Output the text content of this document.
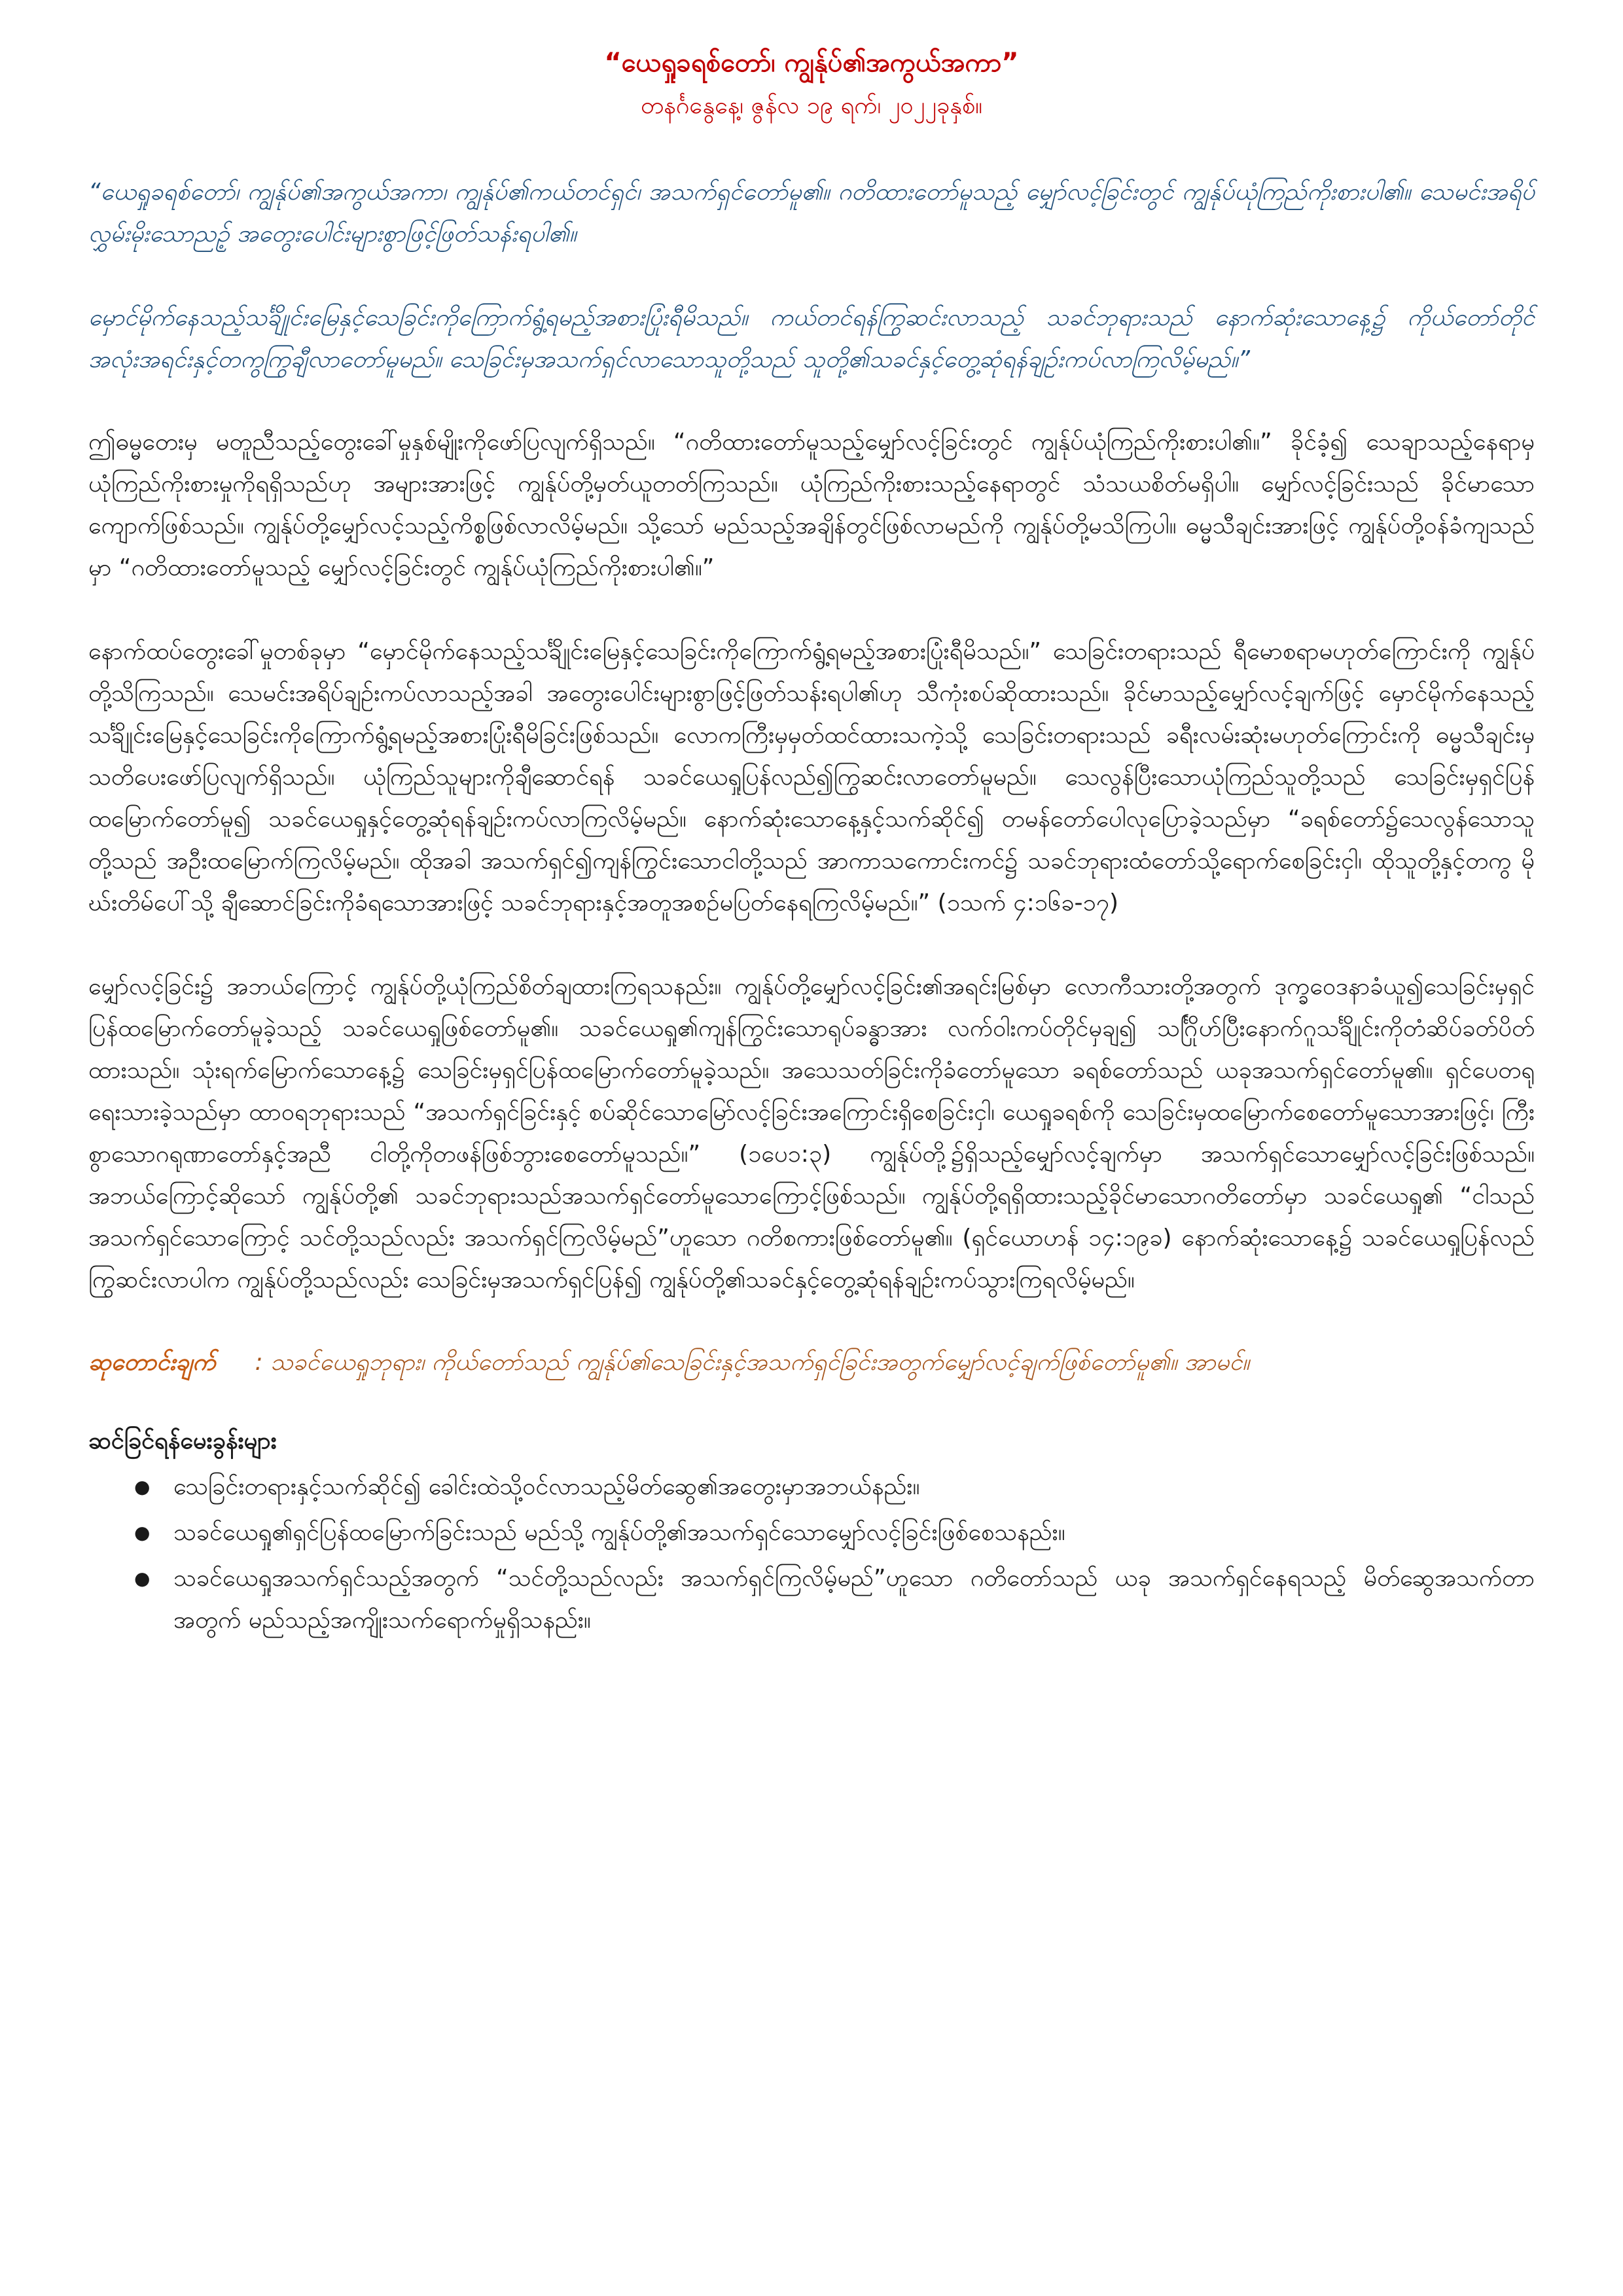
“ယေရှုခရစ်တော်၊ ကျွန်ုပ်၏အကွယ်အကာ”

တနင်္ဂနွေနေ့၊ ဇွန်လ ၁၉ ရက်၊ ၂၀၂၂ခုနှစ်။

“ယေရှုခရစ်တော်၊ ကျွန်ုပ်၏အကွယ်အကာ၊ ကျွန်ုပ်၏ကယ်တင်ရှင်၊ အသက်ရှင်တော်မူ၏။ ဂတိထားတော်မူသည့် မျှော်လင့်ခြင်းတွင် ကျွန်ုပ်ယုံကြည်ကိုးစားပါ၏။ သေမင်းအရိပ်လွှမ်းမိုးသောညဉ့် အတွေးပေါင်းများစွာဖြင့်ဖြတ်သန်းရပါ၏။

မှောင်မိုက်နေသည့်သင်္ချိုင်းမြေနှင့်သေခြင်းကိုကြောက်ရွံ့ရမည့်အစားပြုံးရီမိသည်။ ကယ်တင်ရန်ကြွဆင်းလာသည့် သခင်ဘုရားသည် နောက်ဆုံးသောနေ့၌ ကိုယ်တော်တိုင်အလုံးအရင်းနှင့်တကွကြွချီလာတော်မူမည်။ သေခြင်းမှအသက်ရှင်လာသောသူတို့သည် သူတို့၏သခင်နှင့်တွေ့ဆုံရန်ချဉ်းကပ်လာကြလိမ့်မည်။”

ဤဓမ္မတေးမှ မတူညီသည့်တွေးခေါ်မှုနှစ်မျိုးကိုဖော်ပြလျက်ရှိသည်။ “ဂတိထားတော်မူသည့်မျှော်လင့်ခြင်းတွင် ကျွန်ုပ်ယုံကြည်ကိုးစားပါ၏။” ခိုင်ခံ့၍ သေချာသည့်နေရာမှ ယုံကြည်ကိုးစားမှုကိုရရှိသည်ဟု အများအားဖြင့် ကျွန်ုပ်တို့မှတ်ယူတတ်ကြသည်။ ယုံကြည်ကိုးစားသည့်နေရာတွင် သံသယစိတ်မရှိပါ။ မျှော်လင့်ခြင်းသည် ခိုင်မာသောကျောက်ဖြစ်သည်။ ကျွန်ုပ်တို့မျှော်လင့်သည့်ကိစ္စဖြစ်လာလိမ့်မည်။ သို့သော် မည်သည့်အချိန်တွင်ဖြစ်လာမည်ကို ကျွန်ုပ်တို့မသိကြပါ။ ဓမ္မသီချင်းအားဖြင့် ကျွန်ုပ်တို့ဝန်ခံကျသည်မှာ “ဂတိထားတော်မူသည့် မျှော်လင့်ခြင်းတွင် ကျွန်ုပ်ယုံကြည်ကိုးစားပါ၏။”

နောက်ထပ်တွေးခေါ်မှုတစ်ခုမှာ “မှောင်မိုက်နေသည့်သင်္ချိုင်းမြေနှင့်သေခြင်းကိုကြောက်ရွံ့ရမည့်အစားပြုံးရီမိသည်။” သေခြင်းတရားသည် ရီမောစရာမဟုတ်ကြောင်းကို ကျွန်ုပ်တို့သိကြသည်။ သေမင်းအရိပ်ချဉ်းကပ်လာသည့်အခါ အတွေးပေါင်းများစွာဖြင့်ဖြတ်သန်းရပါ၏ဟု သီကုံးစပ်ဆိုထားသည်။ ခိုင်မာသည့်မျှော်လင့်ချက်ဖြင့် မှောင်မိုက်နေသည့် သင်္ချိုင်းမြေနှင့်သေခြင်းကိုကြောက်ရွံ့ရမည့်အစားပြုံးရီမိခြင်းဖြစ်သည်။ လောကကြီးမှမှတ်ထင်ထားသကဲ့သို့ သေခြင်းတရားသည် ခရီးလမ်းဆုံးမဟုတ်ကြောင်းကို ဓမ္မသီချင်းမှသတိပေးဖော်ပြလျက်ရှိသည်။ ယုံကြည်သူများကိုချီဆောင်ရန် သခင်ယေရှုပြန်လည်၍ကြွဆင်းလာတော်မူမည်။ သေလွန်ပြီးသောယုံကြည်သူတို့သည် သေခြင်းမှရှင်ပြန်ထမြောက်တော်မူ၍ သခင်ယေရှုနှင့်တွေ့ဆုံရန်ချဉ်းကပ်လာကြလိမ့်မည်။ နောက်ဆုံးသောနေ့နှင့်သက်ဆိုင်၍ တမန်တော်ပေါလုပြောခဲ့သည်မှာ “ခရစ်တော်၌သေလွန်သောသူတို့သည် အဦးထမြောက်ကြလိမ့်မည်။ ထိုအခါ အသက်ရှင်၍ကျန်ကြွင်းသောငါတို့သည် အာကာသကောင်းကင်၌ သခင်ဘုရားထံတော်သို့ရောက်စေခြင်းငှါ၊ ထိုသူတို့နှင့်တကွ မိုဃ်းတိမ်ပေါ်သို့ ချီဆောင်ခြင်းကိုခံရသောအားဖြင့် သခင်ဘုရားနှင့်အတူအစဉ်မပြတ်နေရကြလိမ့်မည်။” (၁သက် ၄:၁၆ခ-၁၇)

မျှော်လင့်ခြင်း၌ အဘယ်ကြောင့် ကျွန်ုပ်တို့ယုံကြည်စိတ်ချထားကြရသနည်း။ ကျွန်ုပ်တို့မျှော်လင့်ခြင်း၏အရင်းမြစ်မှာ လောကီသားတို့အတွက် ဒုက္ခဝေဒနာခံယူ၍သေခြင်းမှရှင်ပြန်ထမြောက်တော်မူခဲ့သည့် သခင်ယေရှုဖြစ်တော်မူ၏။ သခင်ယေရှု၏ကျန်ကြွင်းသောရုပ်ခန္ဓာအား လက်ဝါးကပ်တိုင်မှချ၍ သင်္ဂြိုဟ်ပြီးနောက်ဂူသင်္ချိုင်းကိုတံဆိပ်ခတ်ပိတ်ထားသည်။ သုံးရက်မြောက်သောနေ့၌ သေခြင်းမှရှင်ပြန်ထမြောက်တော်မူခဲ့သည်။ အသေသတ်ခြင်းကိုခံတော်မူသော ခရစ်တော်သည် ယခုအသက်ရှင်တော်မူ၏။ ရှင်ပေတရုရေးသားခဲ့သည်မှာ ထာဝရဘုရားသည် “အသက်ရှင်ခြင်းနှင့် စပ်ဆိုင်သောမြော်လင့်ခြင်းအကြောင်းရှိစေခြင်းငှါ၊ ယေရှုခရစ်ကို သေခြင်းမှထမြောက်စေတော်မူသောအားဖြင့်၊ ကြီးစွာသောဂရုဏာတော်နှင့်အညီ ငါတို့ကိုတဖန်ဖြစ်ဘွားစေတော်မူသည်။” (၁ပေ၁:၃) ကျွန်ုပ်တို့၌ရှိသည့်မျှော်လင့်ချက်မှာ အသက်ရှင်သောမျှော်လင့်ခြင်းဖြစ်သည်။ အဘယ်ကြောင့်ဆိုသော် ကျွန်ုပ်တို့၏ သခင်ဘုရားသည်အသက်ရှင်တော်မူသောကြောင့်ဖြစ်သည်။ ကျွန်ုပ်တို့ရရှိထားသည့်ခိုင်မာသောဂတိတော်မှာ သခင်ယေရှု၏ “ငါသည်အသက်ရှင်သောကြောင့် သင်တို့သည်လည်း အသက်ရှင်ကြလိမ့်မည်”ဟူသော ဂတိစကားဖြစ်တော်မူ၏။ (ရှင်ယောဟန် ၁၄:၁၉ခ) နောက်ဆုံးသောနေ့၌ သခင်ယေရှုပြန်လည်ကြွဆင်းလာပါက ကျွန်ုပ်တို့သည်လည်း သေခြင်းမှအသက်ရှင်ပြန်၍ ကျွန်ုပ်တို့၏သခင်နှင့်တွေ့ဆုံရန်ချဉ်းကပ်သွားကြရလိမ့်မည်။

ဆုတောင်းချက် : သခင်ယေရှုဘုရား၊ ကိုယ်တော်သည် ကျွန်ုပ်၏သေခြင်းနှင့်အသက်ရှင်ခြင်းအတွက်မျှော်လင့်ချက်ဖြစ်တော်မူ၏။ အာမင်။

ဆင်ခြင်ရန်မေးခွန်းများ

● သေခြင်းတရားနှင့်သက်ဆိုင်၍ ခေါင်းထဲသို့ဝင်လာသည့်မိတ်ဆွေ၏အတွေးမှာအဘယ်နည်း။
● သခင်ယေရှု၏ရှင်ပြန်ထမြောက်ခြင်းသည် မည်သို့ ကျွန်ုပ်တို့၏အသက်ရှင်သောမျှော်လင့်ခြင်းဖြစ်စေသနည်း။
● သခင်ယေရှုအသက်ရှင်သည့်အတွက် “သင်တို့သည်လည်း အသက်ရှင်ကြလိမ့်မည်”ဟူသော ဂတိတော်သည် ယခု အသက်ရှင်နေရသည့် မိတ်ဆွေအသက်တာအတွက် မည်သည့်အကျိုးသက်ရောက်မှုရှိသနည်း။
